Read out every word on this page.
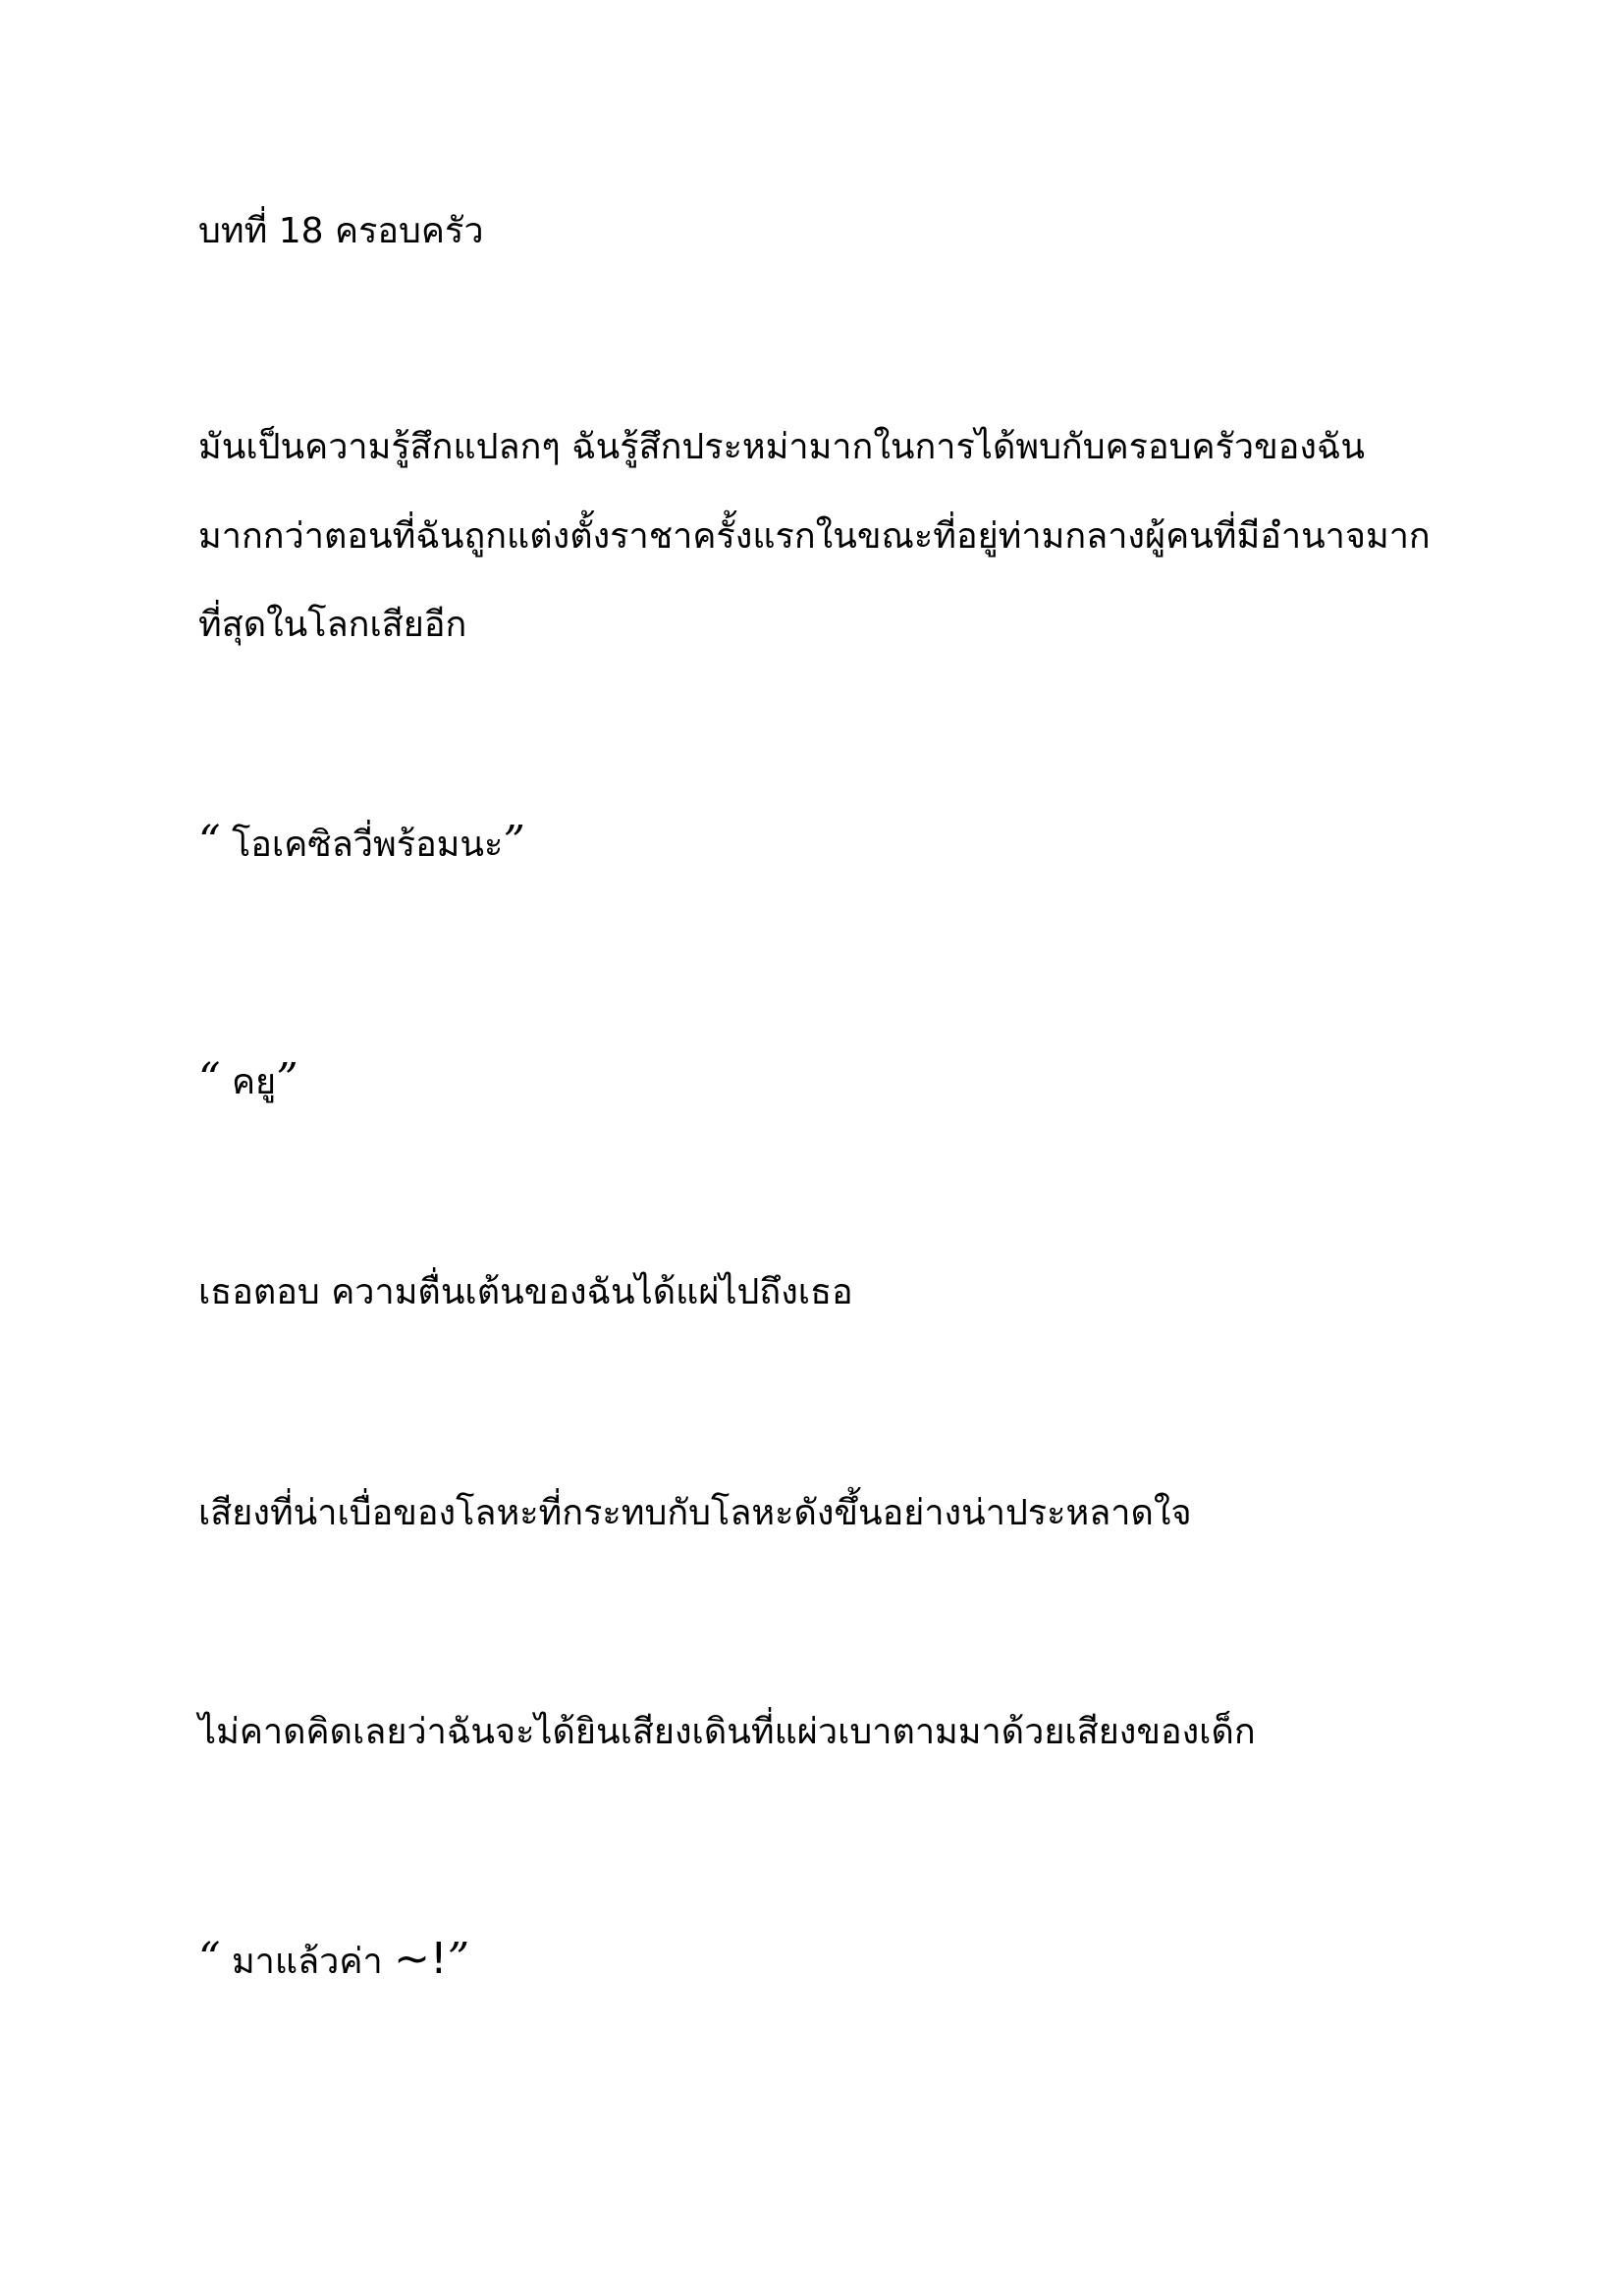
บทที่ 18 ครอบครัว

มันเป็นความรู้สึกแปลกๆ ฉันรู้สึกประหม่ามากในการได้พบกับครอบครัวของฉัน

มากกว่าตอนที่ฉันถูกแต่งตั้งราชาครั้งแรกในขณะที่อยู่ท่ามกลางผู้คนที่มีอำนาจมาก

ที่สุดในโลกเสียอีก

“ โอเคซิลวี่พร้อมนะ”

“ คยู”

เธอตอบ ความตื่นเต้นของฉันได้แผ่ไปถึงเธอ

เสียงที่น่าเบื่อของโลหะที่กระทบกับโลหะดังขึ้นอย่างน่าประหลาดใจ

ไม่คาดคิดเลยว่าฉันจะได้ยินเสียงเดินที่แผ่วเบาตามมาด้วยเสียงของเด็ก

“ มาแล้วค่า ~!”
